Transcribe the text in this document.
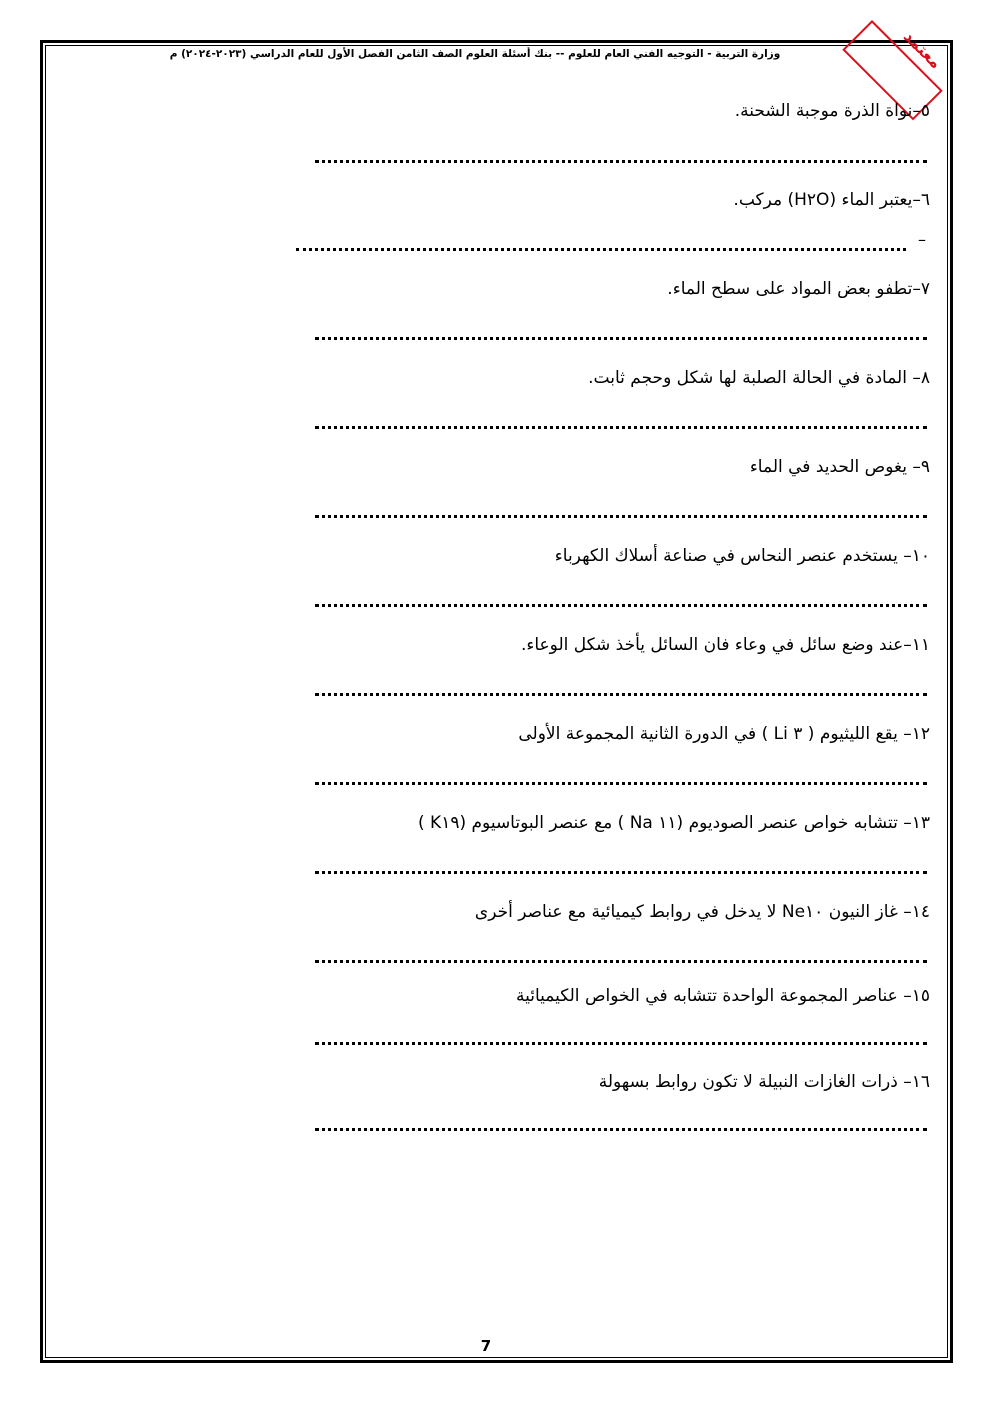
وزارة التربية - التوجيه الفني العام للعلوم -- بنك أسئلة العلوم الصف الثامن الفصل الأول للعام الدراسي (٢٠٢٣-٢٠٢٤) م	معتمد
٥–نواة الذرة موجبة الشحنة.
٦–يعتبر الماء (H٢O) مركب.
–
٧–تطفو بعض المواد على سطح الماء.
٨– المادة في الحالة الصلبة لها شكل وحجم ثابت.
٩– يغوص الحديد في الماء
١٠– يستخدم عنصر النحاس في صناعة أسلاك الكهرباء
١١–عند وضع سائل في وعاء فان السائل يأخذ شكل الوعاء.
١٢– يقع الليثيوم ( ٣ Li ) في الدورة الثانية المجموعة الأولى
١٣– تتشابه خواص عنصر الصوديوم (١١ Na ) مع عنصر البوتاسيوم (K١٩ )
١٤– غاز النيون Ne١٠ لا يدخل في روابط كيميائية مع عناصر أخرى
١٥– عناصر المجموعة الواحدة تتشابه في الخواص الكيميائية
١٦– ذرات الغازات النبيلة لا تكون روابط بسهولة
7
